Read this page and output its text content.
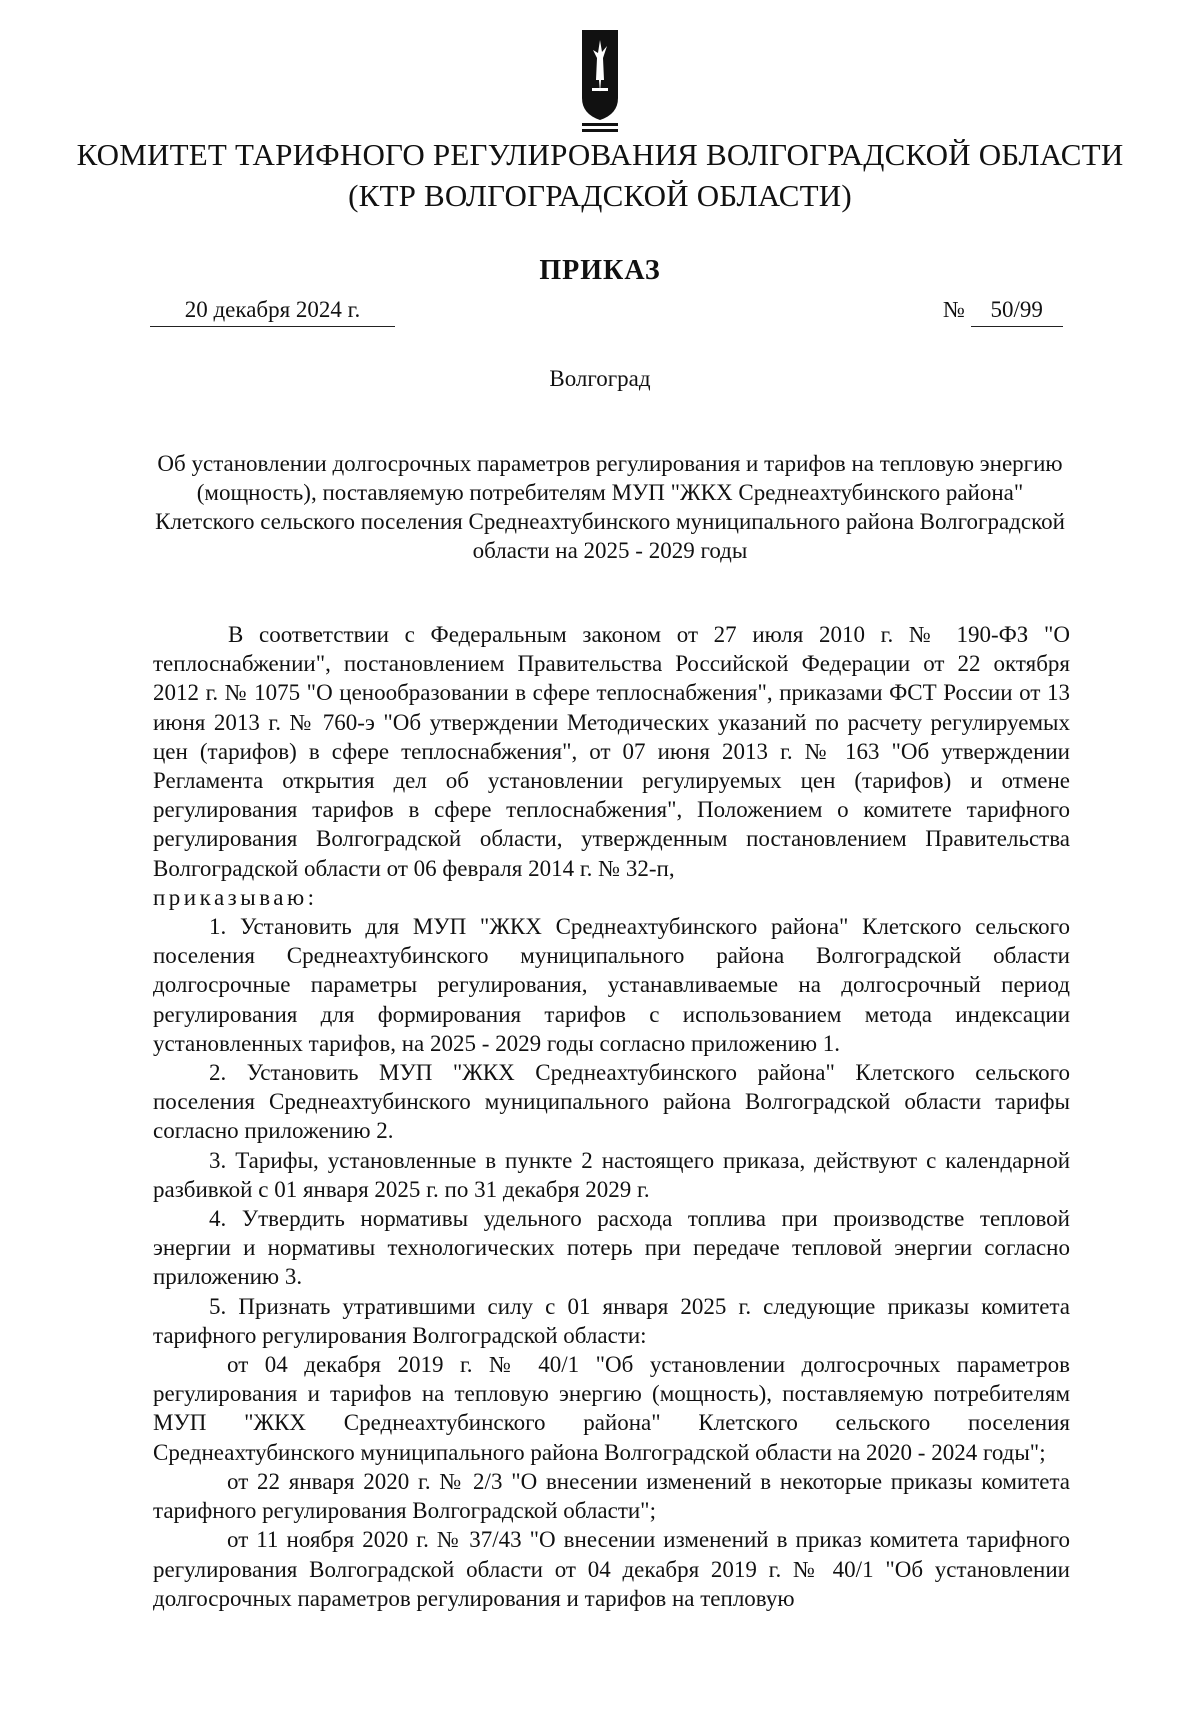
КОМИТЕТ ТАРИФНОГО РЕГУЛИРОВАНИЯ ВОЛГОГРАДСКОЙ ОБЛАСТИ
(КТР ВОЛГОГРАДСКОЙ ОБЛАСТИ)
ПРИКАЗ
20 декабря 2024 г.	№ 50/99
Волгоград
Об установлении долгосрочных параметров регулирования и тарифов на тепловую энергию (мощность), поставляемую потребителям МУП "ЖКХ Среднеахтубинского района" Клетского сельского поселения Среднеахтубинского муниципального района Волгоградской области на 2025 - 2029 годы

В соответствии с Федеральным законом от 27 июля 2010 г. № 190-ФЗ "О теплоснабжении", постановлением Правительства Российской Федерации от 22 октября 2012 г. № 1075 "О ценообразовании в сфере теплоснабжения", приказами ФСТ России от 13 июня 2013 г. № 760-э "Об утверждении Методических указаний по расчету регулируемых цен (тарифов) в сфере теплоснабжения", от 07 июня 2013 г. № 163 "Об утверждении Регламента открытия дел об установлении регулируемых цен (тарифов) и отмене регулирования тарифов в сфере теплоснабжения", Положением о комитете тарифного регулирования Волгоградской области, утвержденным постановлением Правительства Волгоградской области от 06 февраля 2014 г. № 32-п,

приказываю:

1. Установить для МУП "ЖКХ Среднеахтубинского района" Клетского сельского поселения Среднеахтубинского муниципального района Волгоградской области долгосрочные параметры регулирования, устанавливаемые на долгосрочный период регулирования для формирования тарифов с использованием метода индексации установленных тарифов, на 2025 - 2029 годы согласно приложению 1.

2. Установить МУП "ЖКХ Среднеахтубинского района" Клетского сельского поселения Среднеахтубинского муниципального района Волгоградской области тарифы согласно приложению 2.

3. Тарифы, установленные в пункте 2 настоящего приказа, действуют с календарной разбивкой с 01 января 2025 г. по 31 декабря 2029 г.

4. Утвердить нормативы удельного расхода топлива при производстве тепловой энергии и нормативы технологических потерь при передаче тепловой энергии согласно приложению 3.

5. Признать утратившими силу с 01 января 2025 г. следующие приказы комитета тарифного регулирования Волгоградской области:

от 04 декабря 2019 г. № 40/1 "Об установлении долгосрочных параметров регулирования и тарифов на тепловую энергию (мощность), поставляемую потребителям МУП "ЖКХ Среднеахтубинского района" Клетского сельского поселения Среднеахтубинского муниципального района Волгоградской области на 2020 - 2024 годы";

от 22 января 2020 г. № 2/3 "О внесении изменений в некоторые приказы комитета тарифного регулирования Волгоградской области";

от 11 ноября 2020 г. № 37/43 "О внесении изменений в приказ комитета тарифного регулирования Волгоградской области от 04 декабря 2019 г. № 40/1 "Об установлении долгосрочных параметров регулирования и тарифов на тепловую
